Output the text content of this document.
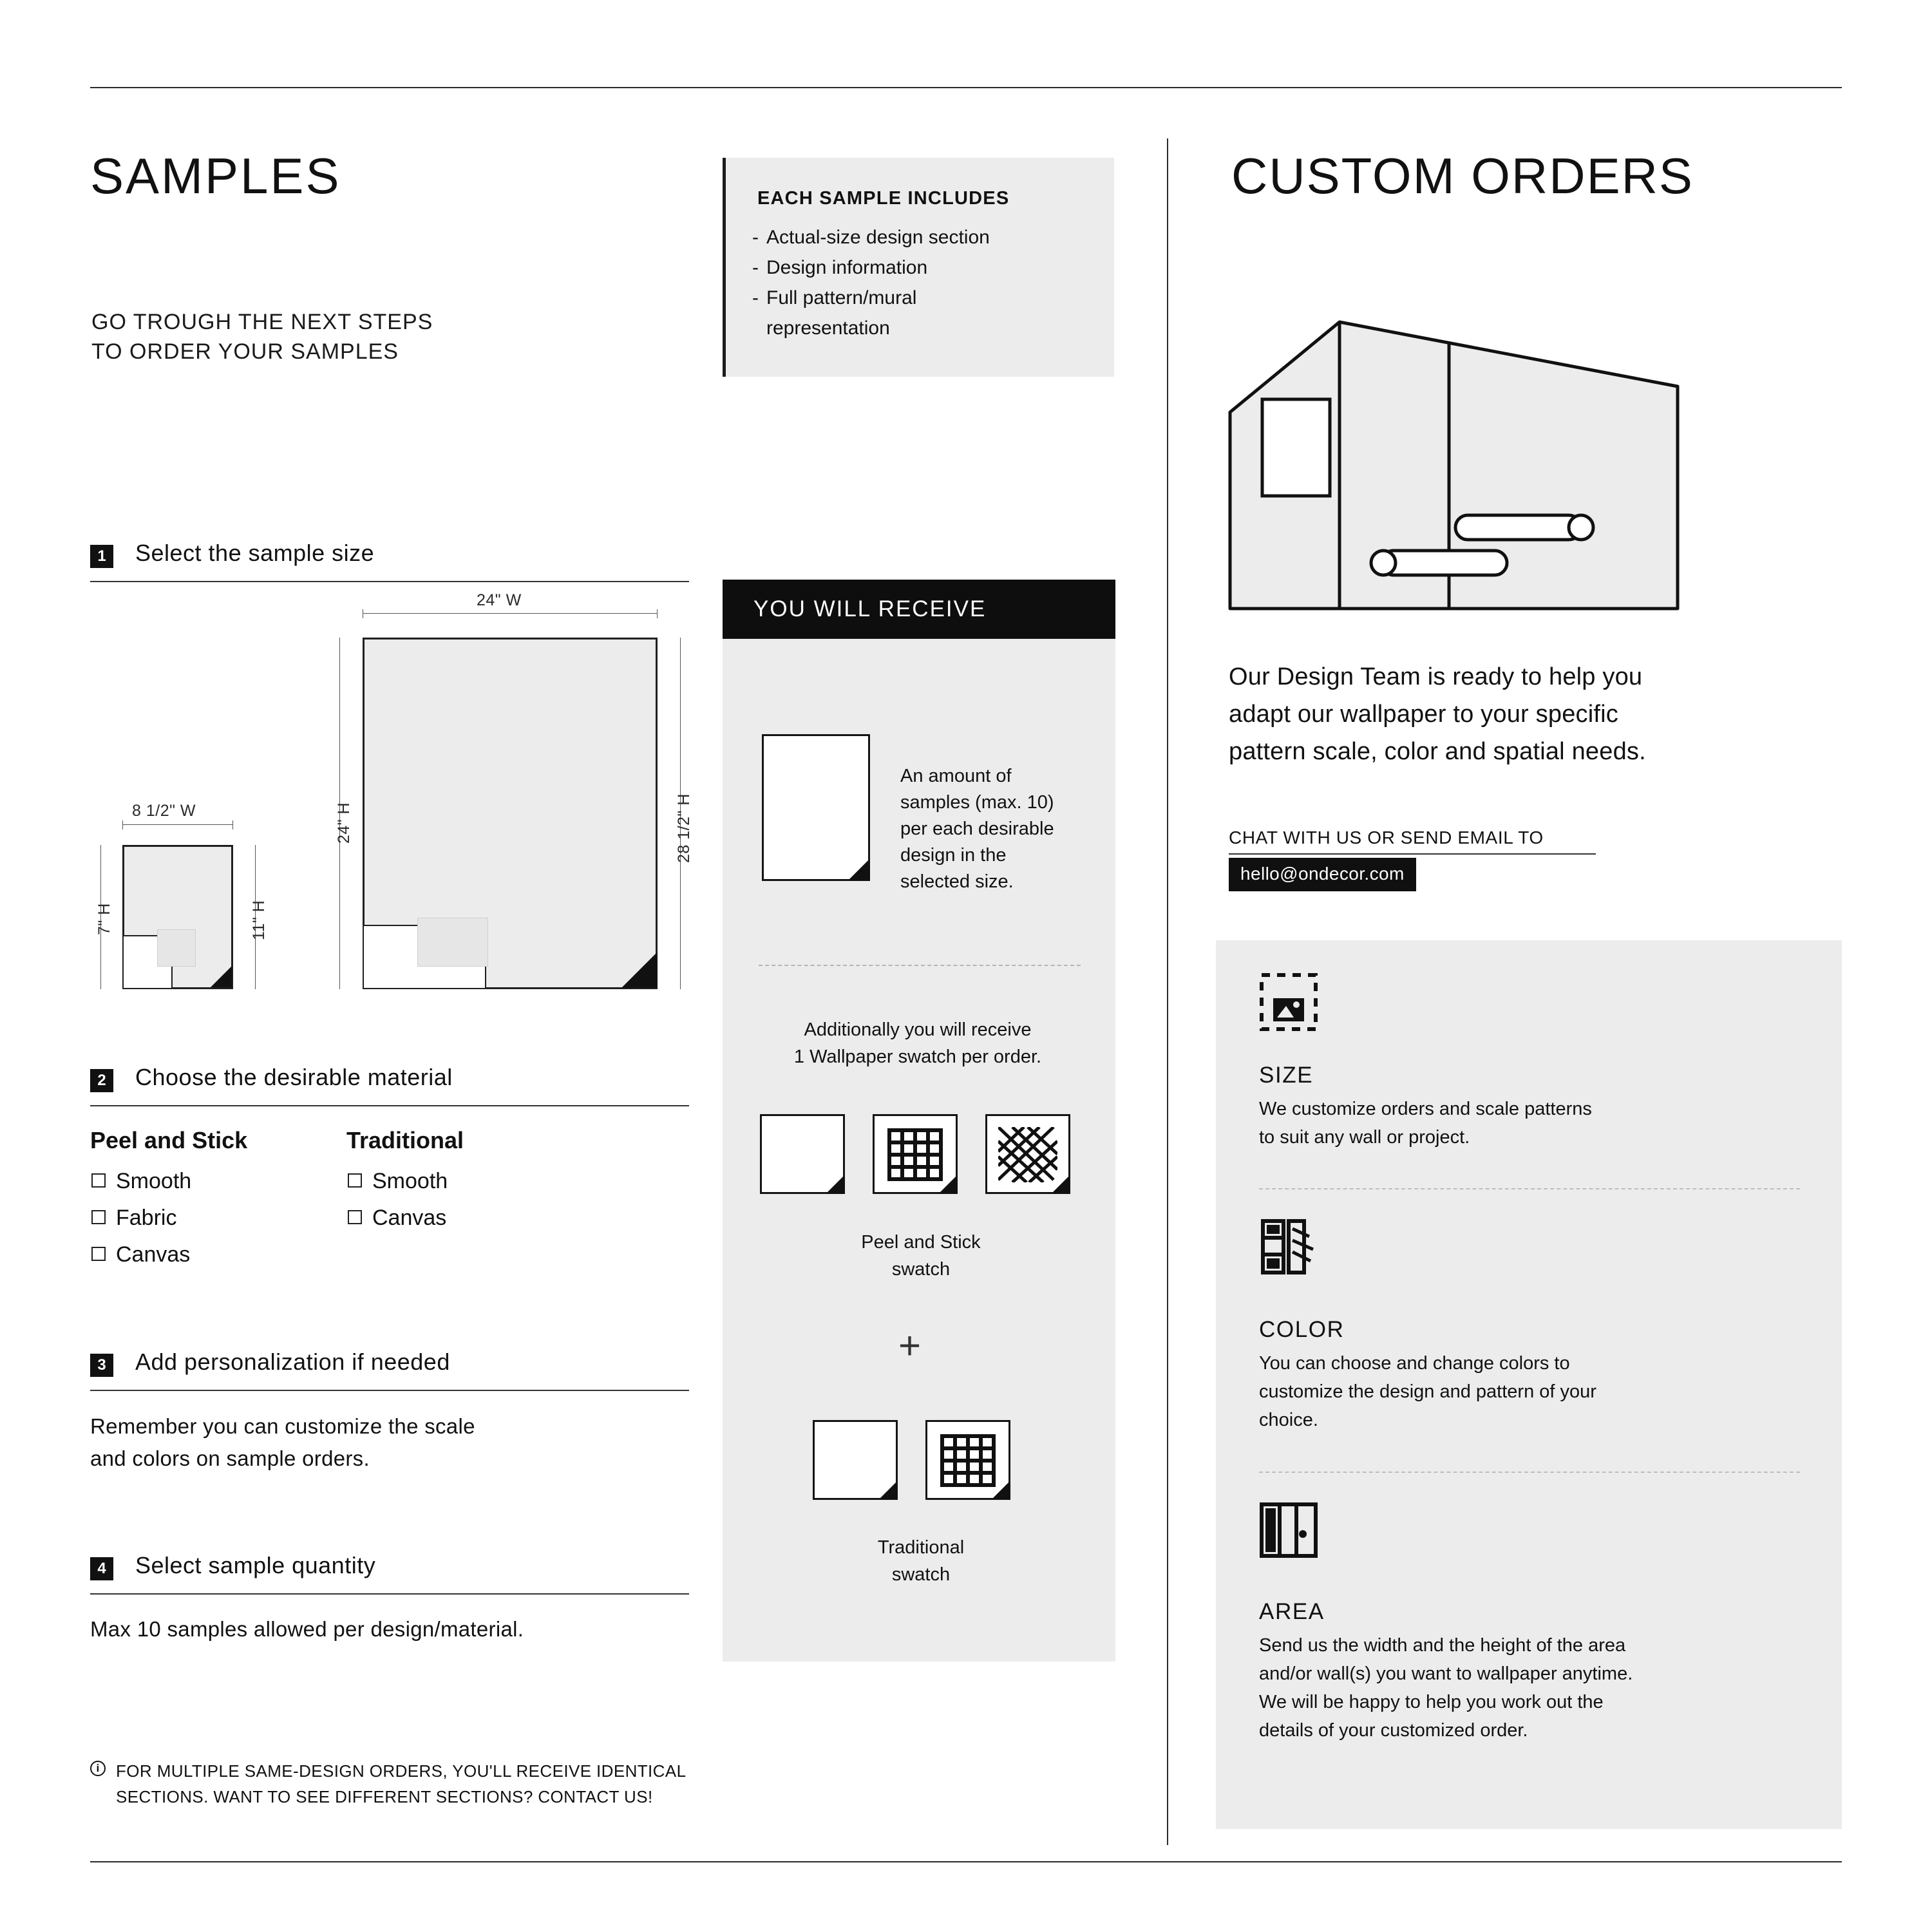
SAMPLES
GO TROUGH THE NEXT STEPS
TO ORDER YOUR SAMPLES
EACH SAMPLE INCLUDES
- Actual-size design section
- Design information
- Full pattern/mural
representation
1	Select the sample size
24" W
24" H	28 1/2" H
8 1/2" W
7" H	11" H
2	Choose the desirable material
Peel and Stick
Smooth
Fabric
Canvas
Traditional
Smooth
Canvas
3	Add personalization if needed
Remember you can customize the scale
and colors on sample orders.
4	Select sample quantity
Max 10 samples allowed per design/material.
i FOR MULTIPLE SAME-DESIGN ORDERS, YOU'LL RECEIVE IDENTICAL
SECTIONS. WANT TO SEE DIFFERENT SECTIONS? CONTACT US!
YOU WILL RECEIVE
An amount of
samples (max. 10)
per each desirable
design in the
selected size.
Additionally you will receive
1 Wallpaper swatch per order.
Peel and Stick
swatch
+
Traditional
swatch
CUSTOM ORDERS
Our Design Team is ready to help you
adapt our wallpaper to your specific
pattern scale, color and spatial needs.
CHAT WITH US OR SEND EMAIL TO
hello@ondecor.com
SIZE
We customize orders and scale patterns
to suit any wall or project.
COLOR
You can choose and change colors to
customize the design and pattern of your
choice.
AREA
Send us the width and the height of the area
and/or wall(s) you want to wallpaper anytime.
We will be happy to help you work out the
details of your customized order.
